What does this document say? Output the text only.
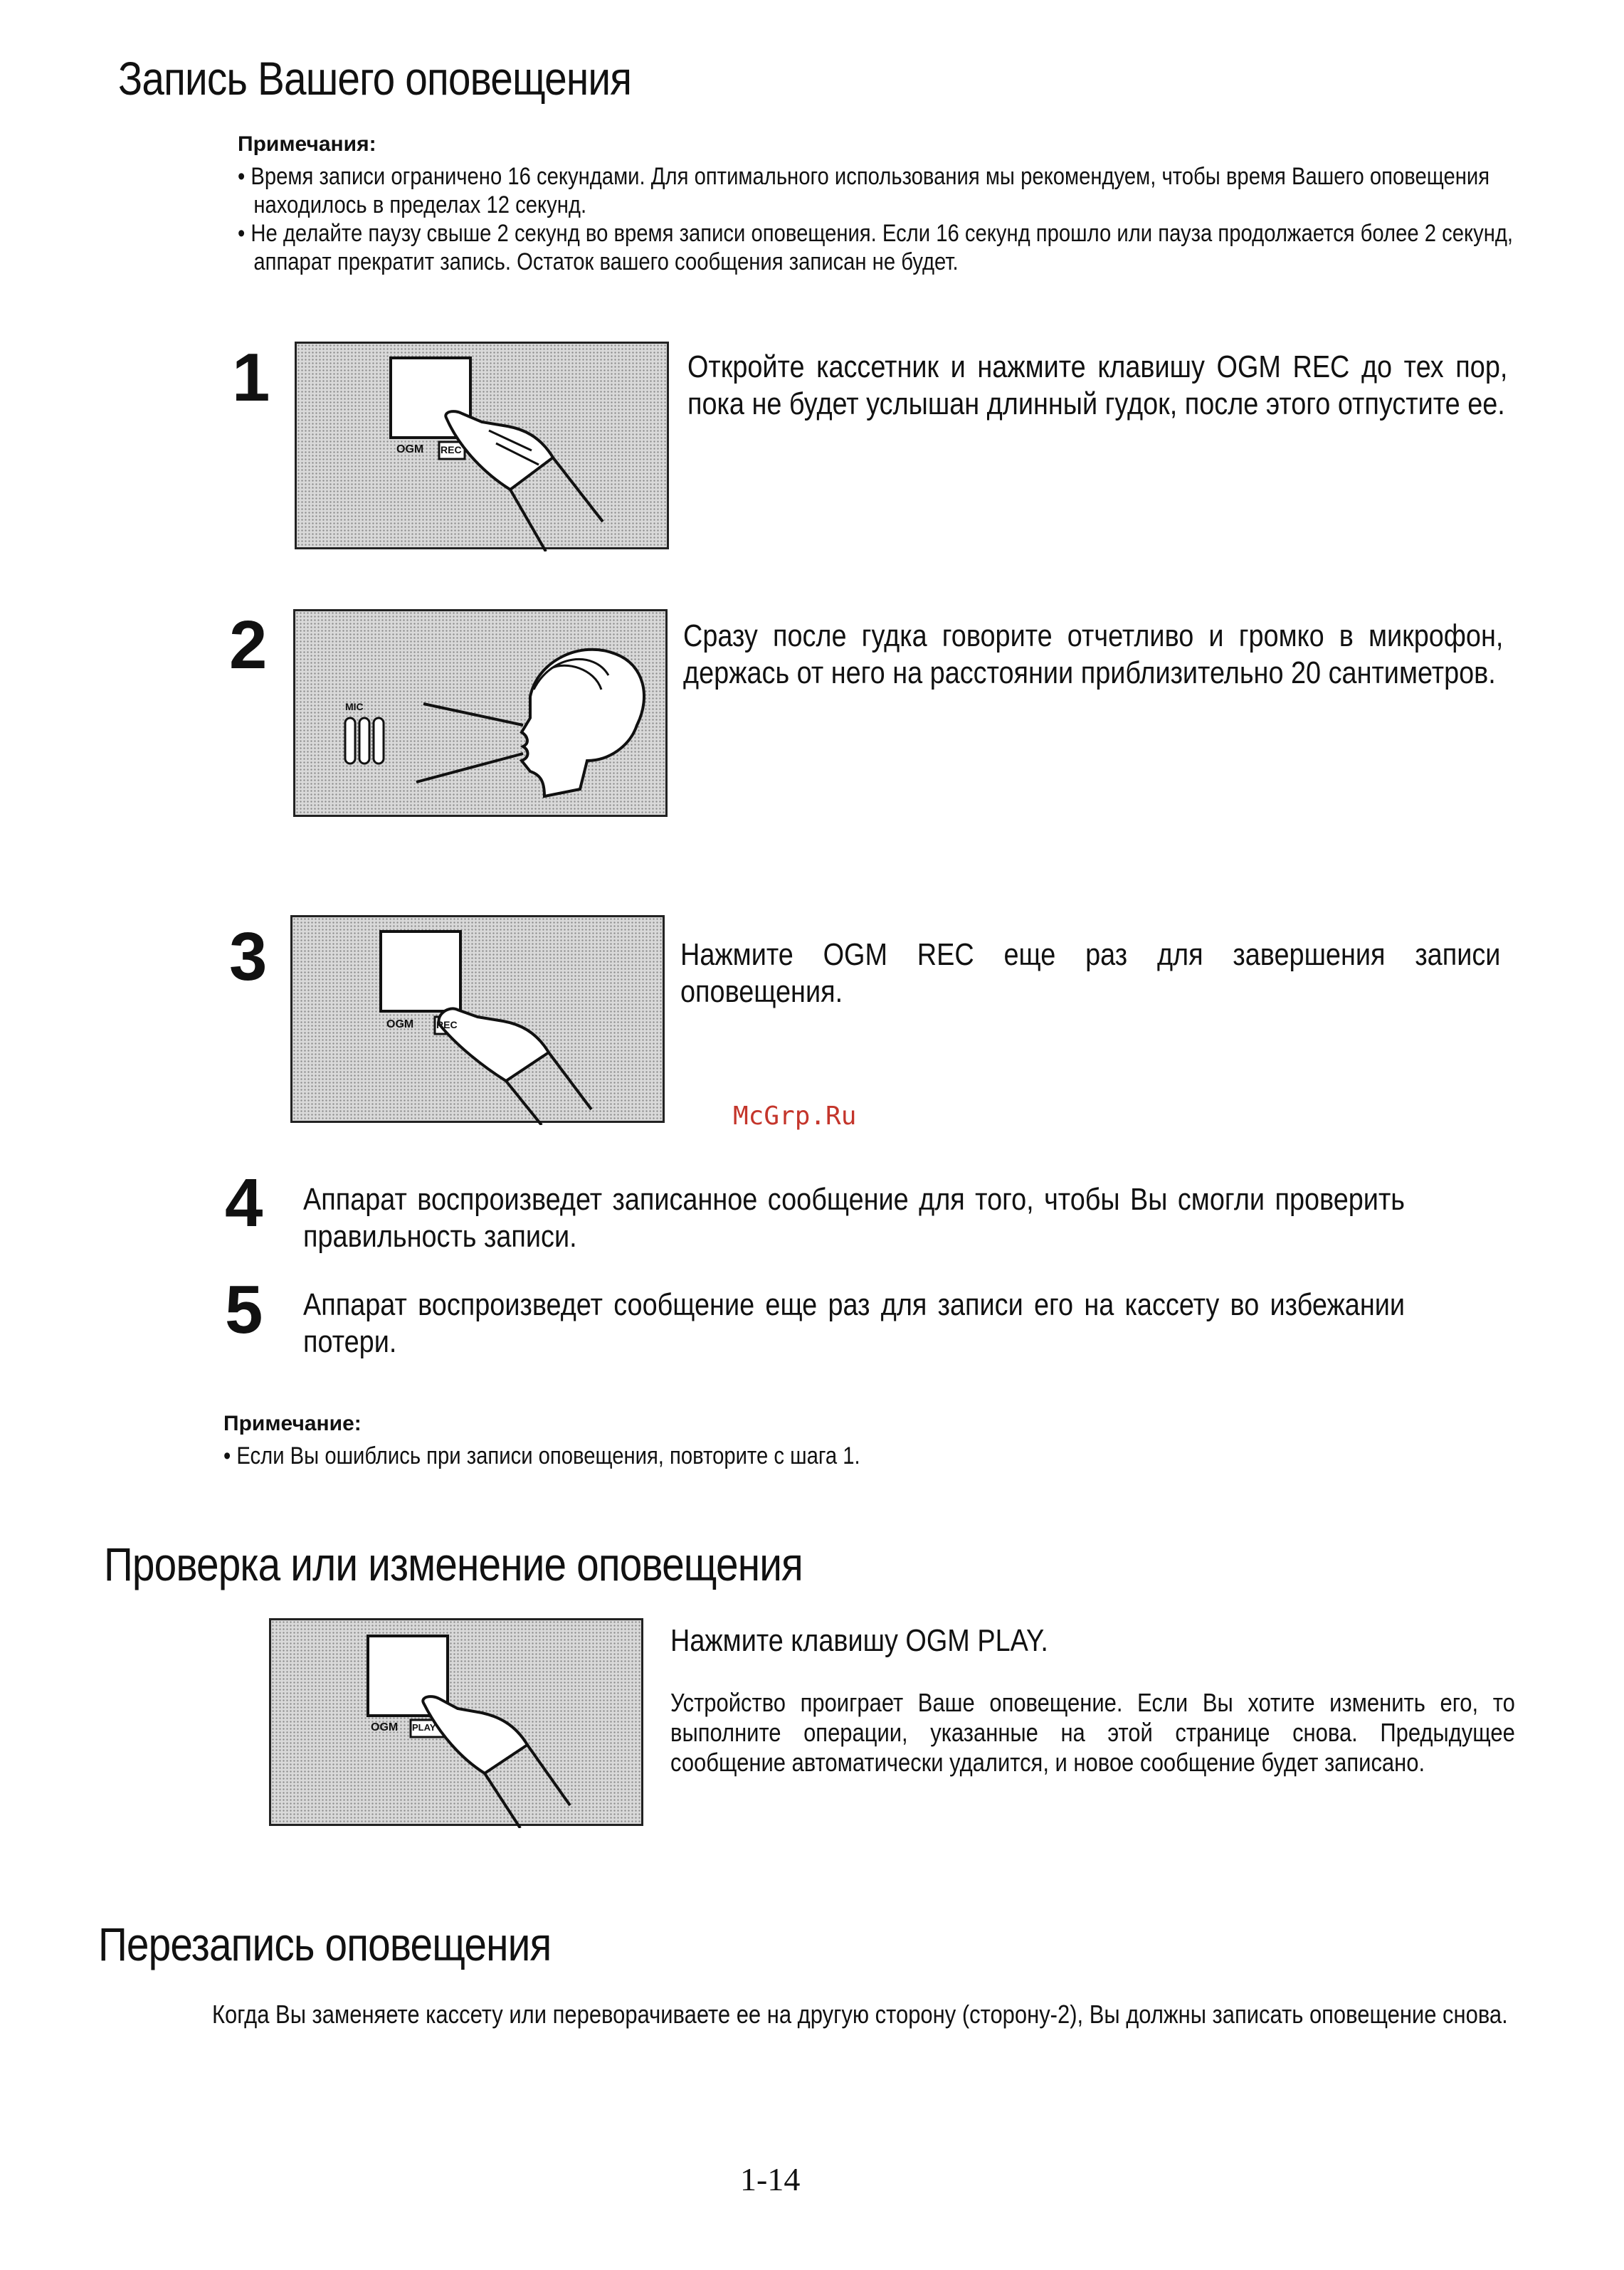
Запись Вашего оповещения
Примечания:
• Время записи ограничено 16 секундами. Для оптимального использования мы рекомендуем, чтобы время Вашего оповещения находилось в пределах 12 секунд.
• Не делайте паузу свыше 2 секунд во время записи оповещения. Если 16 секунд прошло или пауза продолжается более 2 секунд, аппарат прекратит запись. Остаток вашего сообщения записан не будет.
1
OGM REC
Откройте кассетник и нажмите клавишу OGM REC до тех пор, пока не будет услышан длинный гудок, после этого отпустите ее.
2
MIC
Сразу после гудка говорите отчетливо и громко в микрофон, держась от него на расстоянии приблизительно 20 сантиметров.
3
OGM REC
Нажмите OGM REC еще раз для завершения записи оповещения.
McGrp.Ru
4 Аппарат воспроизведет записанное сообщение для того, чтобы Вы смогли проверить правильность записи.
5 Аппарат воспроизведет сообщение еще раз для записи его на кассету во избежании потери.
Примечание:
• Если Вы ошиблись при записи оповещения, повторите с шага 1.
Проверка или изменение оповещения
OGM PLAY
Нажмите клавишу OGM PLAY.
Устройство проиграет Ваше оповещение. Если Вы хотите изменить его, то выполните операции, указанные на этой странице снова. Предыдущее сообщение автоматически удалится, и новое сообщение будет записано.
Перезапись оповещения
Когда Вы заменяете кассету или переворачиваете ее на другую сторону (сторону-2), Вы должны записать оповещение снова.
1-14
